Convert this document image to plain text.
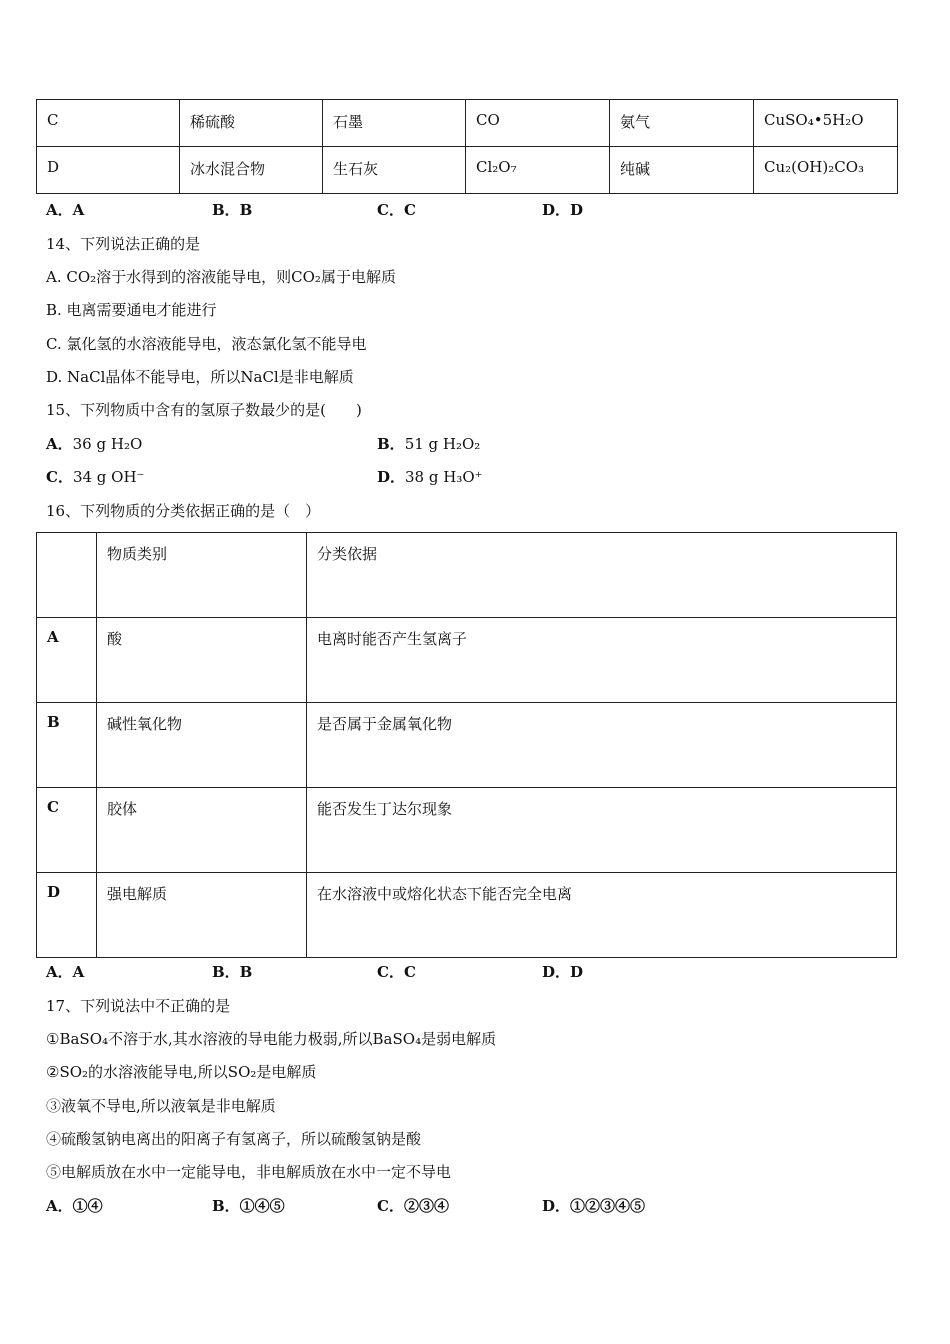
C	稀硫酸	石墨	CO	氨气	CuSO₄•5H₂O

D	冰水混合物	生石灰	Cl₂O₇	纯碱	Cu₂(OH)₂CO₃
A．A	B．B	C．C	D．D
14、下列说法正确的是
A. CO₂溶于水得到的溶液能导电，则CO₂属于电解质
B. 电离需要通电才能进行
C. 氯化氢的水溶液能导电，液态氯化氢不能导电
D. NaCl晶体不能导电，所以NaCl是非电解质
15、下列物质中含有的氢原子数最少的是(　　)
A．36 g H₂O	B．51 g H₂O₂
C．34 g OH⁻	D．38 g H₃O⁺
16、下列物质的分类依据正确的是（　）

	物质类别	分类依据

A	酸	电离时能否产生氢离子

B	碱性氧化物	是否属于金属氧化物

C	胶体	能否发生丁达尔现象

D	强电解质	在水溶液中或熔化状态下能否完全电离
A．A	B．B	C．C	D．D
17、下列说法中不正确的是
①BaSO₄不溶于水,其水溶液的导电能力极弱,所以BaSO₄是弱电解质
②SO₂的水溶液能导电,所以SO₂是电解质
③液氧不导电,所以液氧是非电解质
④硫酸氢钠电离出的阳离子有氢离子，所以硫酸氢钠是酸
⑤电解质放在水中一定能导电，非电解质放在水中一定不导电
A．①④	B．①④⑤	C．②③④	D．①②③④⑤
